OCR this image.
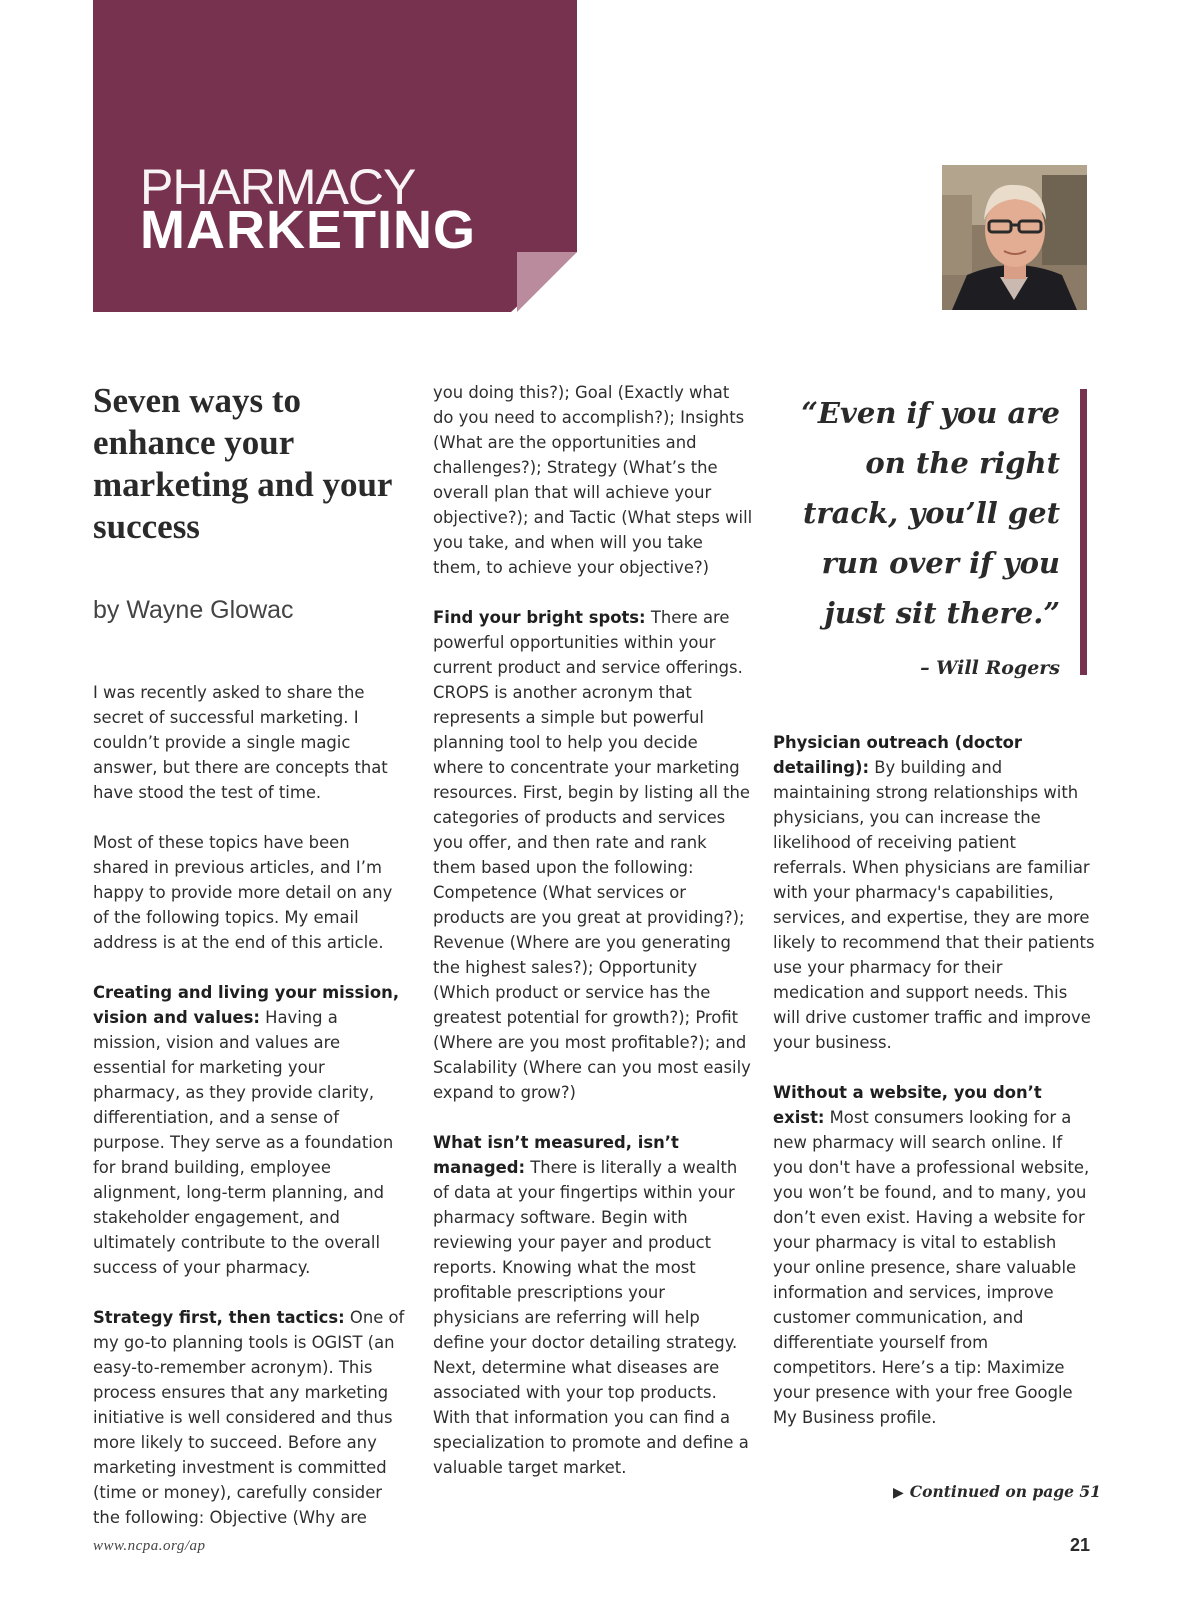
PHARMACY
MARKETING
Seven ways to enhance your marketing and your success
by Wayne Glowac

I was recently asked to share the secret of successful marketing. I couldn’t provide a single magic answer, but there are concepts that have stood the test of time.

Most of these topics have been shared in previous articles, and I’m happy to provide more detail on any of the following topics. My email address is at the end of this article.

Creating and living your mission, vision and values: Having a mission, vision and values are essential for marketing your pharmacy, as they provide clarity, differentiation, and a sense of purpose. They serve as a foundation for brand building, employee alignment, long-term planning, and stakeholder engagement, and ultimately contribute to the overall success of your pharmacy.

Strategy first, then tactics: One of my go-to planning tools is OGIST (an easy-to-remember acronym). This process ensures that any marketing initiative is well considered and thus more likely to succeed. Before any marketing investment is committed (time or money), carefully consider the following: Objective (Why are

you doing this?); Goal (Exactly what do you need to accomplish?); Insights (What are the opportunities and challenges?); Strategy (What’s the overall plan that will achieve your objective?); and Tactic (What steps will you take, and when will you take them, to achieve your objective?)

Find your bright spots: There are powerful opportunities within your current product and service offerings. CROPS is another acronym that represents a simple but powerful planning tool to help you decide where to concentrate your marketing resources. First, begin by listing all the categories of products and services you offer, and then rate and rank them based upon the following: Competence (What services or products are you great at providing?); Revenue (Where are you generating the highest sales?); Opportunity (Which product or service has the greatest potential for growth?); Profit (Where are you most profitable?); and Scalability (Where can you most easily expand to grow?)

What isn’t measured, isn’t managed: There is literally a wealth of data at your fingertips within your pharmacy software. Begin with reviewing your payer and product reports. Knowing what the most profitable prescriptions your physicians are referring will help define your doctor detailing strategy. Next, determine what diseases are associated with your top products. With that information you can find a specialization to promote and define a valuable target market.

“Even if you are on the right track, you’ll get run over if you just sit there.”
– Will Rogers

Physician outreach (doctor detailing): By building and maintaining strong relationships with physicians, you can increase the likelihood of receiving patient referrals. When physicians are familiar with your pharmacy's capabilities, services, and expertise, they are more likely to recommend that their patients use your pharmacy for their medication and support needs. This will drive customer traffic and improve your business.

Without a website, you don’t exist: Most consumers looking for a new pharmacy will search online. If you don't have a professional website, you won’t be found, and to many, you don’t even exist. Having a website for your pharmacy is vital to establish your online presence, share valuable information and services, improve customer communication, and differentiate yourself from competitors. Here’s a tip: Maximize your presence with your free Google My Business profile.

▶ Continued on page 51
www.ncpa.org/ap	21
